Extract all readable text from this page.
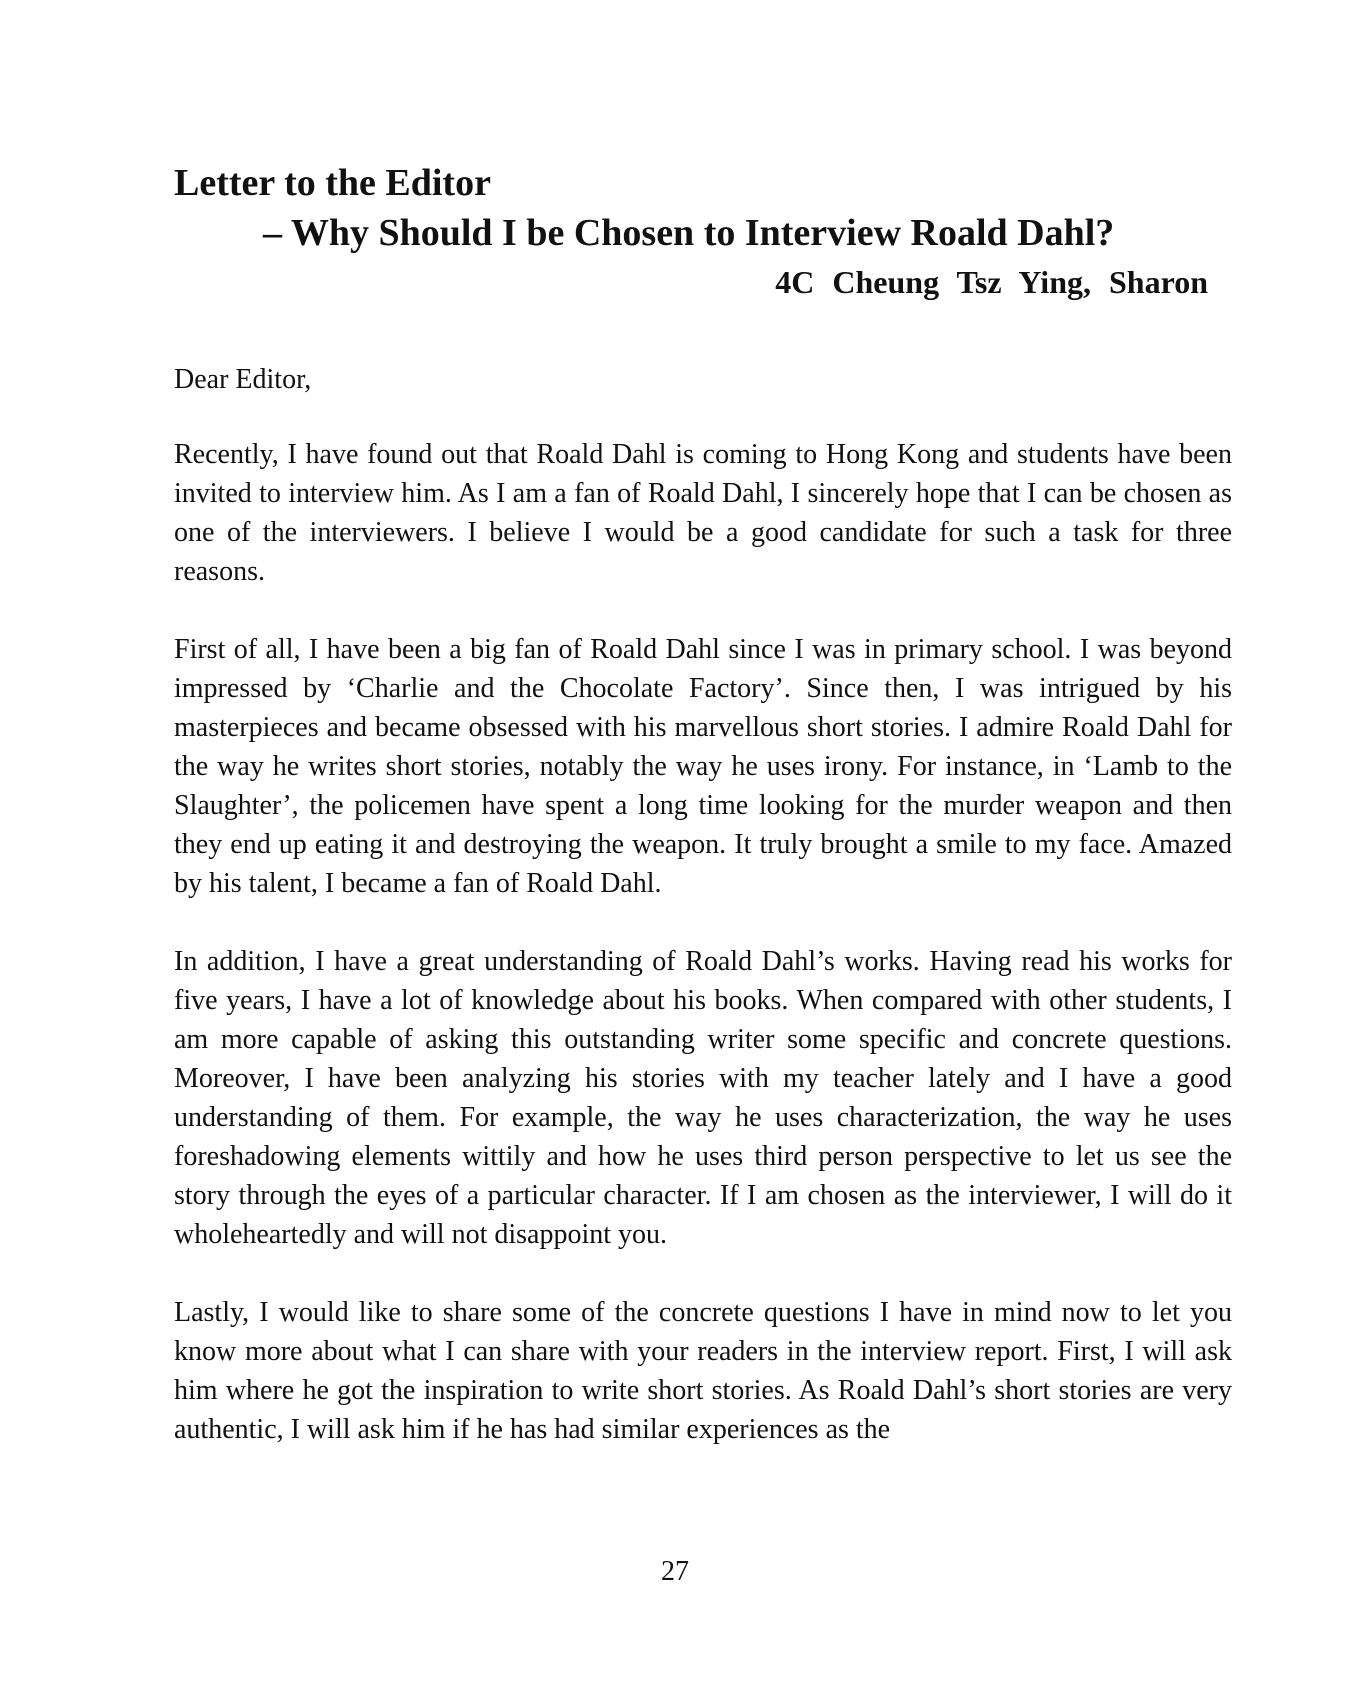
Letter to the Editor
– Why Should I be Chosen to Interview Roald Dahl?
4C Cheung Tsz Ying, Sharon
Dear Editor,

Recently, I have found out that Roald Dahl is coming to Hong Kong and students have been invited to interview him. As I am a fan of Roald Dahl, I sincerely hope that I can be chosen as one of the interviewers. I believe I would be a good candidate for such a task for three reasons.

First of all, I have been a big fan of Roald Dahl since I was in primary school. I was beyond impressed by ‘Charlie and the Chocolate Factory’. Since then, I was intrigued by his masterpieces and became obsessed with his marvellous short stories. I admire Roald Dahl for the way he writes short stories, notably the way he uses irony. For instance, in ‘Lamb to the Slaughter’, the policemen have spent a long time looking for the murder weapon and then they end up eating it and destroying the weapon. It truly brought a smile to my face. Amazed by his talent, I became a fan of Roald Dahl.

In addition, I have a great understanding of Roald Dahl’s works. Having read his works for five years, I have a lot of knowledge about his books. When compared with other students, I am more capable of asking this outstanding writer some specific and concrete questions. Moreover, I have been analyzing his stories with my teacher lately and I have a good understanding of them. For example, the way he uses characterization, the way he uses foreshadowing elements wittily and how he uses third person perspective to let us see the story through the eyes of a particular character. If I am chosen as the interviewer, I will do it wholeheartedly and will not disappoint you.

Lastly, I would like to share some of the concrete questions I have in mind now to let you know more about what I can share with your readers in the interview report. First, I will ask him where he got the inspiration to write short stories. As Roald Dahl’s short stories are very authentic, I will ask him if he has had similar experiences as the

27
